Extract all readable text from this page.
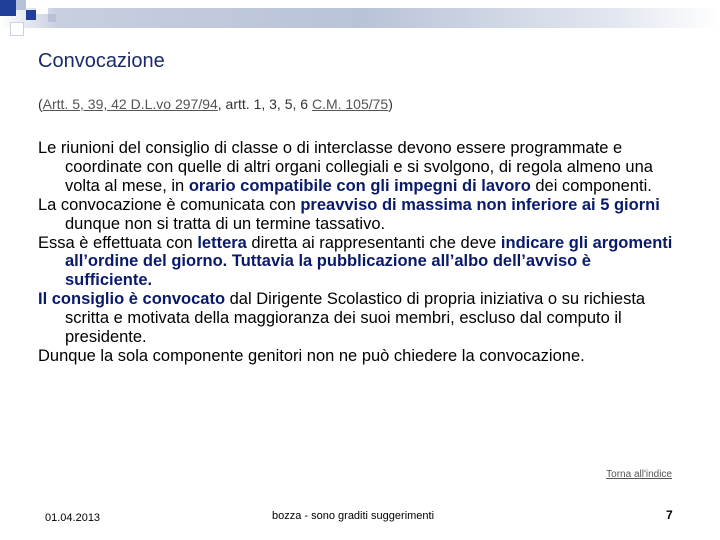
Convocazione
(Artt. 5, 39, 42 D.L.vo 297/94, artt. 1, 3, 5, 6 C.M. 105/75)

Le riunioni del consiglio di classe o di interclasse devono essere programmate e coordinate con quelle di altri organi collegiali e si svolgono, di regola almeno una volta al mese, in orario compatibile con gli impegni di lavoro dei componenti.

La convocazione è comunicata con preavviso di massima non inferiore ai 5 giorni dunque non si tratta di un termine tassativo.

Essa è effettuata con lettera diretta ai rappresentanti che deve indicare gli argomenti all’ordine del giorno. Tuttavia la pubblicazione all’albo dell’avviso è sufficiente.

Il consiglio è convocato dal Dirigente Scolastico di propria iniziativa o su richiesta scritta e motivata della maggioranza dei suoi membri, escluso dal computo il presidente.

Dunque la sola componente genitori non ne può chiedere la convocazione.

Torna all'indice
01.04.2013	bozza - sono graditi suggerimenti	7
